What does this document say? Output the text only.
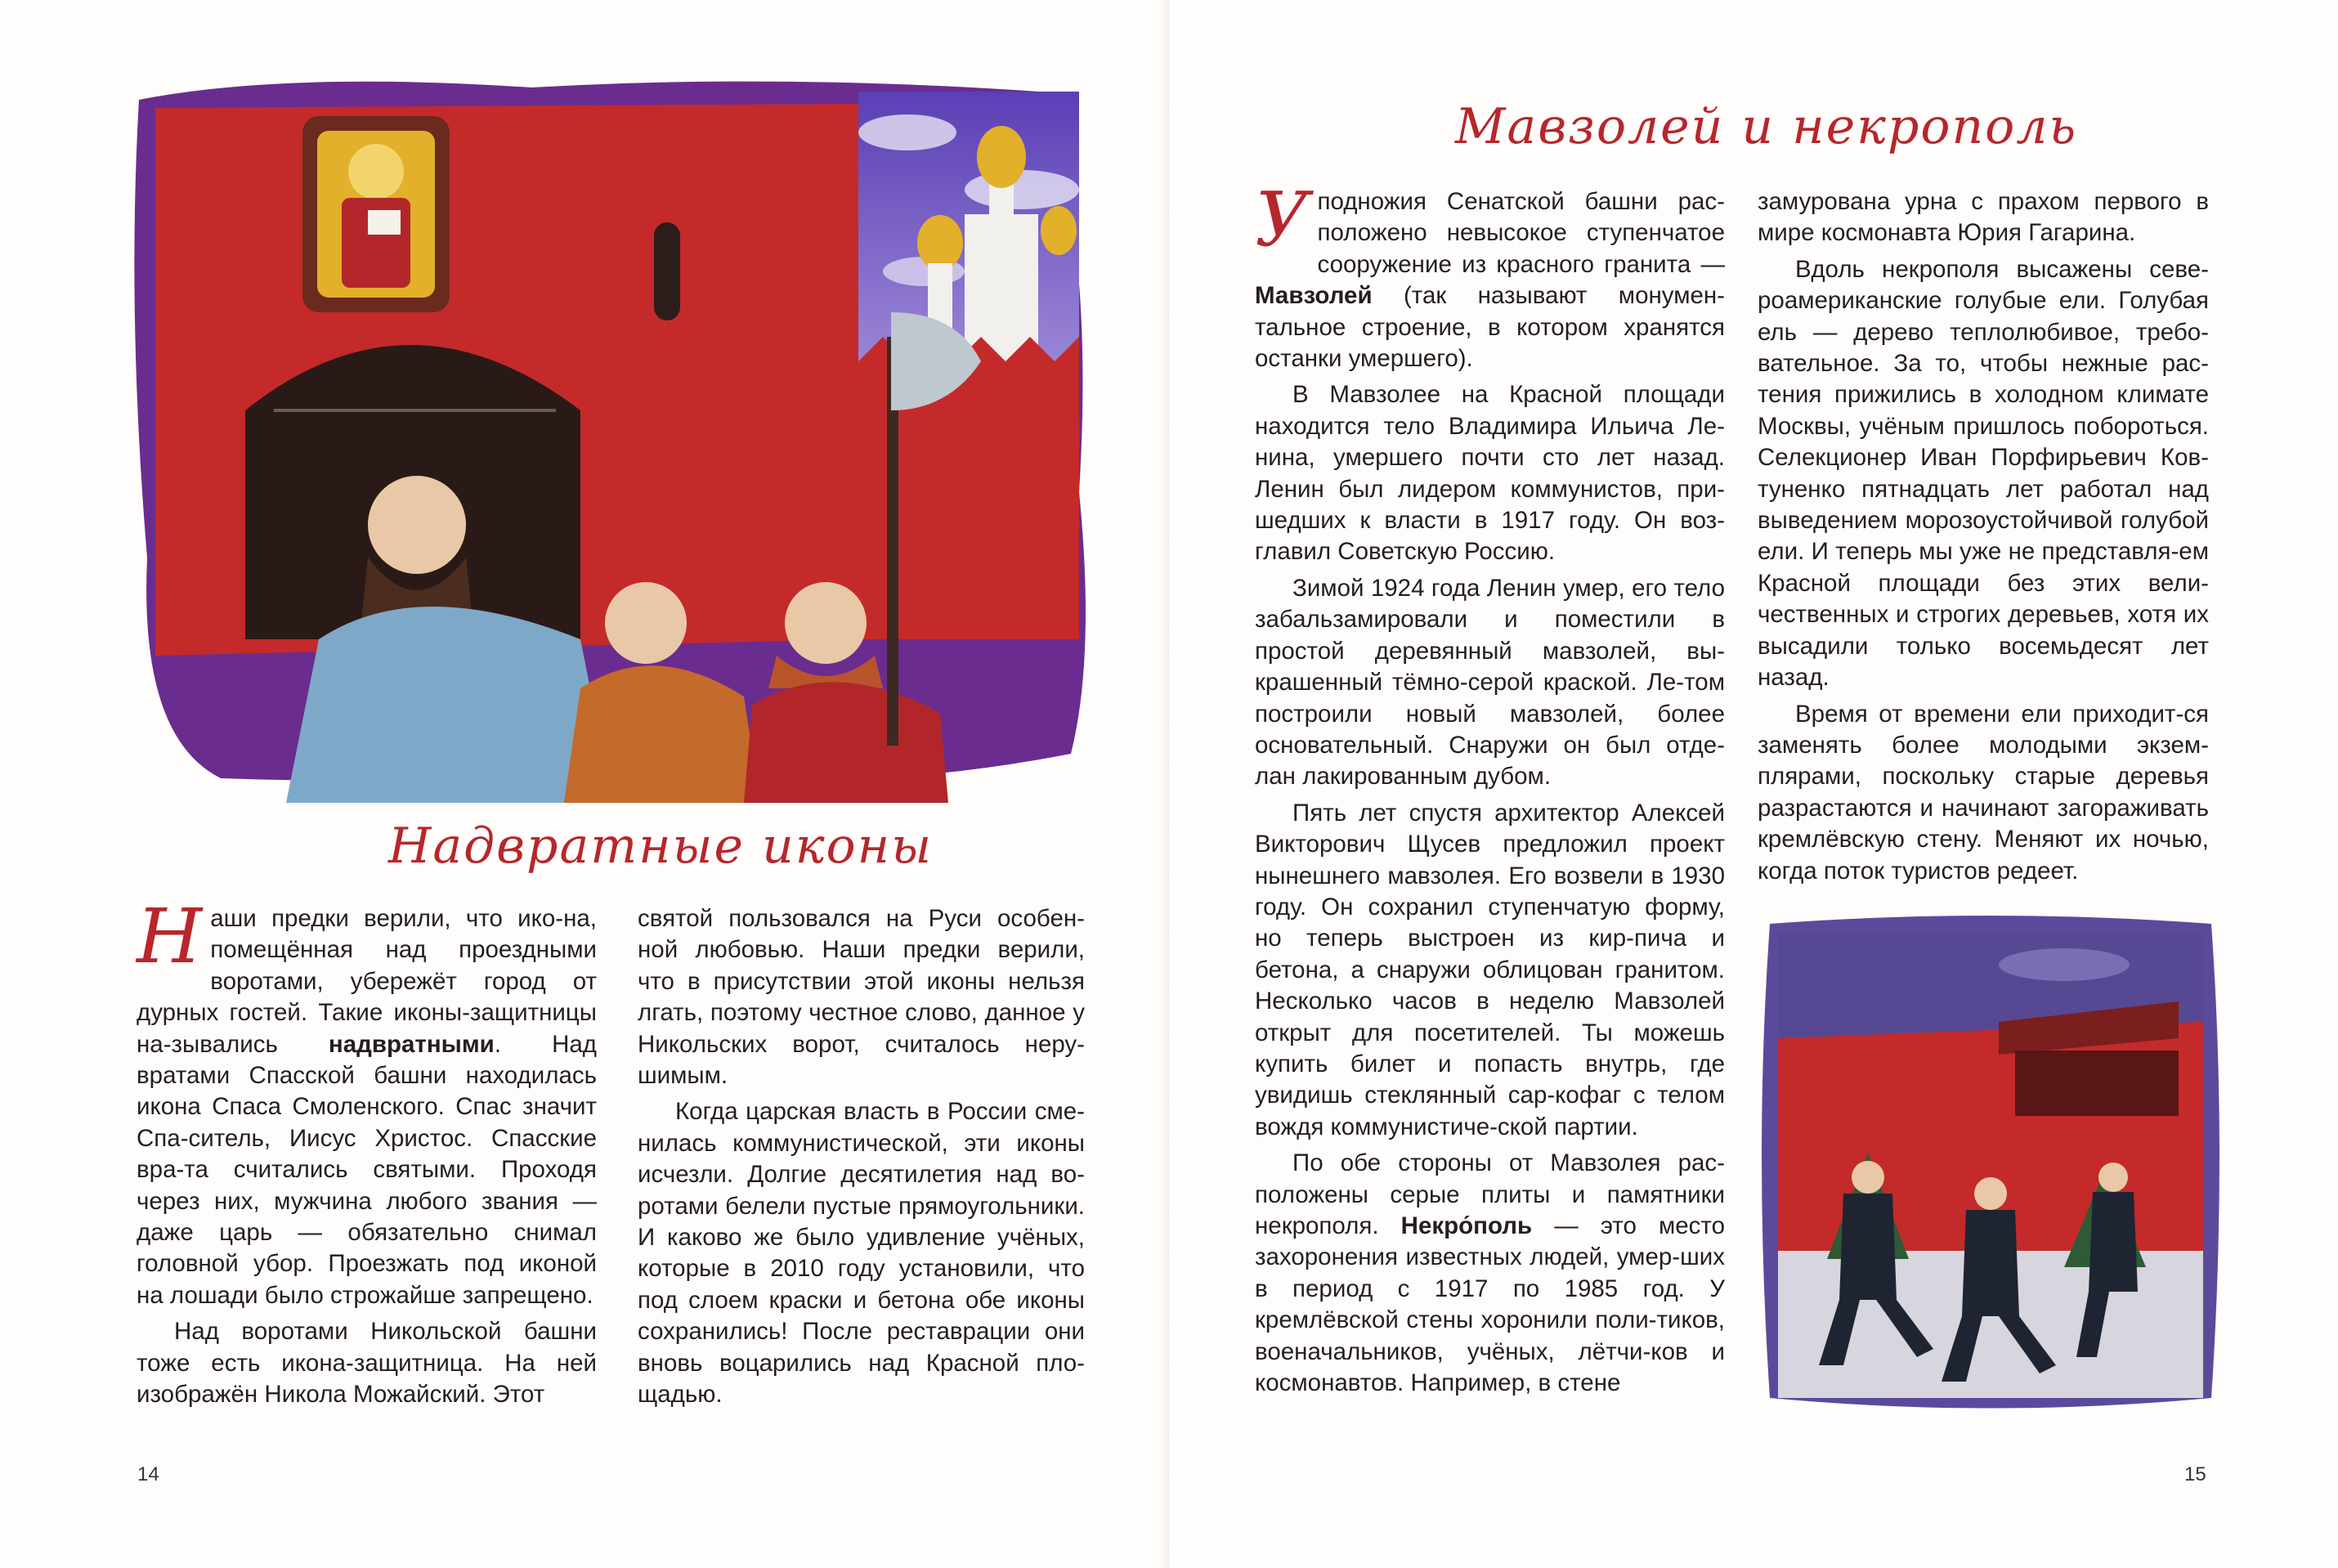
Надвратные иконы

Наши предки верили, что ико-на, помещённая над проездными воротами, убережёт город от дурных гостей. Такие иконы-защитницы на-зывались надвратными. Над вратами Спасской башни находилась икона Спаса Смоленского. Спас значит Спа-ситель, Иисус Христос. Спасские вра-та считались святыми. Проходя через них, мужчина любого звания — даже царь — обязательно снимал головной убор. Проезжать под иконой на лошади было строжайше запрещено.

Над воротами Никольской башни тоже есть икона-защитница. На ней изображён Никола Можайский. Этот

святой пользовался на Руси особен-ной любовью. Наши предки верили, что в присутствии этой иконы нельзя лгать, поэтому честное слово, данное у Никольских ворот, считалось неру-шимым.

Когда царская власть в России сме-нилась коммунистической, эти иконы исчезли. Долгие десятилетия над во-ротами белели пустые прямоугольники. И каково же было удивление учёных, которые в 2010 году установили, что под слоем краски и бетона обе иконы сохранились! После реставрации они вновь воцарились над Красной пло-щадью.

14
Мавзолей и некрополь

Уподножия Сенатской башни рас-положено невысокое ступенчатое сооружение из красного гранита — Мавзолей (так называют монумен-тальное строение, в котором хранятся останки умершего).

В Мавзолее на Красной площади находится тело Владимира Ильича Ле-нина, умершего почти сто лет назад. Ленин был лидером коммунистов, при-шедших к власти в 1917 году. Он воз-главил Советскую Россию.

Зимой 1924 года Ленин умер, его тело забальзамировали и поместили в простой деревянный мавзолей, вы-крашенный тёмно-серой краской. Ле-том построили новый мавзолей, более основательный. Снаружи он был отде-лан лакированным дубом.

Пять лет спустя архитектор Алексей Викторович Щусев предложил проект нынешнего мавзолея. Его возвели в 1930 году. Он сохранил ступенчатую форму, но теперь выстроен из кир-пича и бетона, а снаружи облицован гранитом. Несколько часов в неделю Мавзолей открыт для посетителей. Ты можешь купить билет и попасть внутрь, где увидишь стеклянный сар-кофаг с телом вождя коммунистиче-ской партии.

По обе стороны от Мавзолея рас-положены серые плиты и памятники некрополя. Некро́поль — это место захоронения известных людей, умер-ших в период с 1917 по 1985 год. У кремлёвской стены хоронили поли-тиков, военачальников, учёных, лётчи-ков и космонавтов. Например, в стене

замурована урна с прахом первого в мире космонавта Юрия Гагарина.

Вдоль некрополя высажены севе-роамериканские голубые ели. Голубая ель — дерево теплолюбивое, требо-вательное. За то, чтобы нежные рас-тения прижились в холодном климате Москвы, учёным пришлось побороться. Селекционер Иван Порфирьевич Ков-туненко пятнадцать лет работал над выведением морозоустойчивой голубой ели. И теперь мы уже не представля-ем Красной площади без этих вели-чественных и строгих деревьев, хотя их высадили только восемьдесят лет назад.

Время от времени ели приходит-ся заменять более молодыми экзем-плярами, поскольку старые деревья разрастаются и начинают загораживать кремлёвскую стену. Меняют их ночью, когда поток туристов редеет.

15
